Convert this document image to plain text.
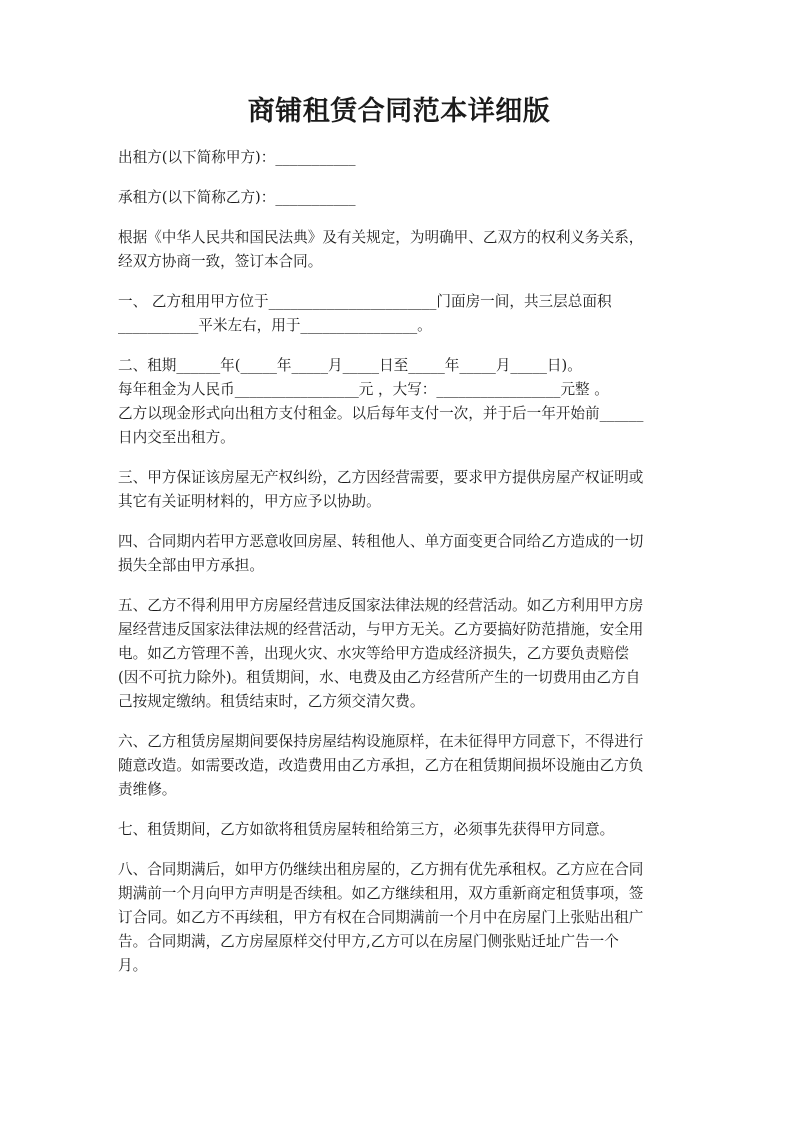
商铺租赁合同范本详细版

出租方(以下简称甲方)：___________

承租方(以下简称乙方)：___________

根据《中华人民共和国民法典》及有关规定，为明确甲、乙双方的权利义务关系，
经双方协商一致，签订本合同。

一、 乙方租用甲方位于_______________________门面房一间，共三层总面积
___________平米左右，用于________________。

二、租期______年(_____年_____月_____日至_____年_____月_____日)。
每年租金为人民币_________________元 ，大写：_________________元整 。
乙方以现金形式向出租方支付租金。以后每年支付一次，并于后一年开始前______
日内交至出租方。

三、甲方保证该房屋无产权纠纷，乙方因经营需要，要求甲方提供房屋产权证明或
其它有关证明材料的，甲方应予以协助。

四、合同期内若甲方恶意收回房屋、转租他人、单方面变更合同给乙方造成的一切
损失全部由甲方承担。

五、乙方不得利用甲方房屋经营违反国家法律法规的经营活动。如乙方利用甲方房
屋经营违反国家法律法规的经营活动，与甲方无关。乙方要搞好防范措施，安全用
电。如乙方管理不善，出现火灾、水灾等给甲方造成经济损失，乙方要负责赔偿
(因不可抗力除外)。租赁期间，水、电费及由乙方经营所产生的一切费用由乙方自
己按规定缴纳。租赁结束时，乙方须交清欠费。

六、乙方租赁房屋期间要保持房屋结构设施原样，在未征得甲方同意下，不得进行
随意改造。如需要改造，改造费用由乙方承担，乙方在租赁期间损坏设施由乙方负
责维修。

七、租赁期间，乙方如欲将租赁房屋转租给第三方，必须事先获得甲方同意。

八、合同期满后，如甲方仍继续出租房屋的，乙方拥有优先承租权。乙方应在合同
期满前一个月向甲方声明是否续租。如乙方继续租用，双方重新商定租赁事项，签
订合同。如乙方不再续租，甲方有权在合同期满前一个月中在房屋门上张贴出租广
告。合同期满，乙方房屋原样交付甲方,乙方可以在房屋门侧张贴迁址广告一个
月。
